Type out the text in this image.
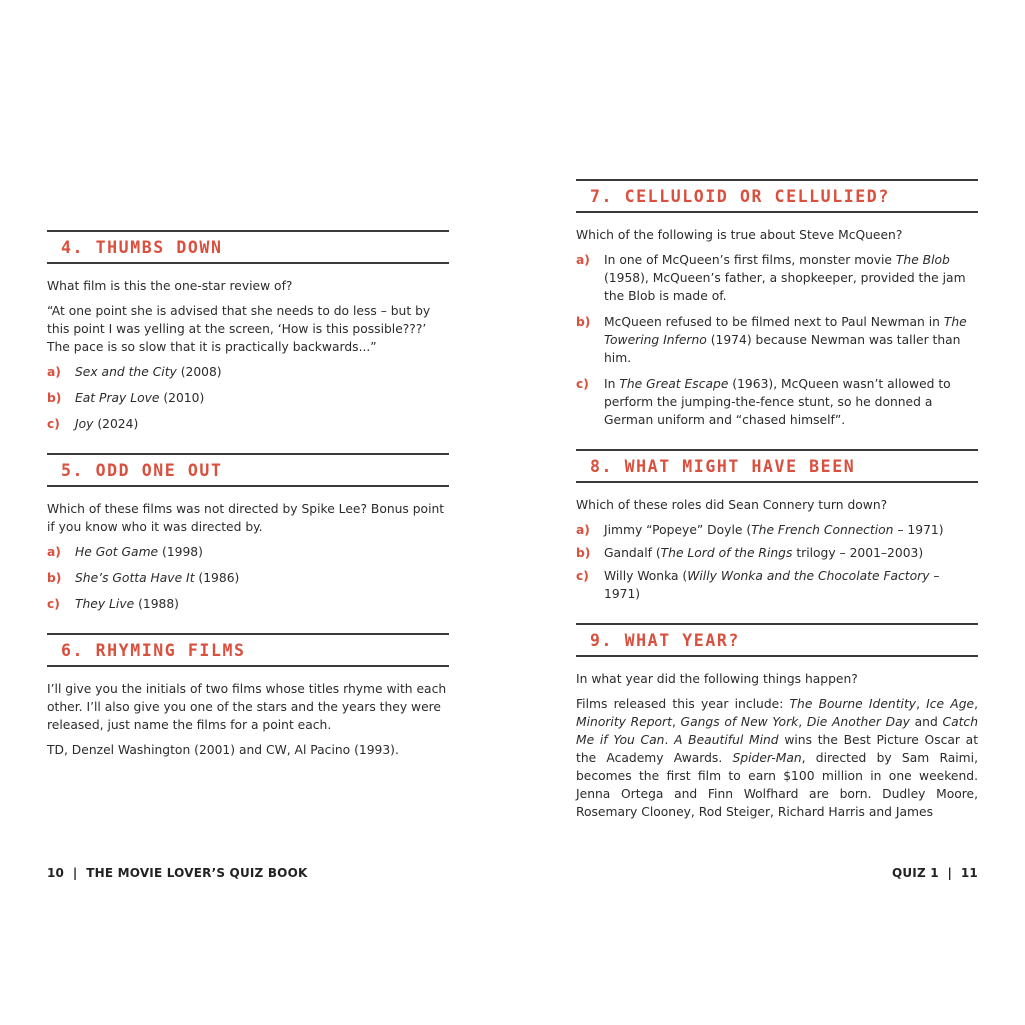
4. THUMBS DOWN

What film is this the one-star review of?

“At one point she is advised that she needs to do less – but by this point I was yelling at the screen, ‘How is this possible???’ The pace is so slow that it is practically backwards...”

a)	Sex and the City (2008)
b)	Eat Pray Love (2010)
c)	Joy (2024)
5. ODD ONE OUT

Which of these films was not directed by Spike Lee? Bonus point if you know who it was directed by.

a)	He Got Game (1998)
b)	She’s Gotta Have It (1986)
c)	They Live (1988)
6. RHYMING FILMS

I’ll give you the initials of two films whose titles rhyme with each other. I’ll also give you one of the stars and the years they were released, just name the films for a point each.

TD, Denzel Washington (2001) and CW, Al Pacino (1993).

7. CELLULOID OR CELLULIED?

Which of the following is true about Steve McQueen?

a)	In one of McQueen’s first films, monster movie The Blob (1958), McQueen’s father, a shopkeeper, provided the jam the Blob is made of.
b)	McQueen refused to be filmed next to Paul Newman in The Towering Inferno (1974) because Newman was taller than him.
c)	In The Great Escape (1963), McQueen wasn’t allowed to perform the jumping-the-fence stunt, so he donned a German uniform and “chased himself”.
8. WHAT MIGHT HAVE BEEN

Which of these roles did Sean Connery turn down?

a)	Jimmy “Popeye” Doyle (The French Connection – 1971)
b)	Gandalf (The Lord of the Rings trilogy – 2001–2003)
c)	Willy Wonka (Willy Wonka and the Chocolate Factory – 1971)
9. WHAT YEAR?

In what year did the following things happen?

Films released this year include: The Bourne Identity, Ice Age, Minority Report, Gangs of New York, Die Another Day and Catch Me if You Can. A Beautiful Mind wins the Best Picture Oscar at the Academy Awards. Spider-Man, directed by Sam Raimi, becomes the first film to earn $100 million in one weekend. Jenna Ortega and Finn Wolfhard are born. Dudley Moore, Rosemary Clooney, Rod Steiger, Richard Harris and James

10  |  THE MOVIE LOVER’S QUIZ BOOK	QUIZ 1  |  11
